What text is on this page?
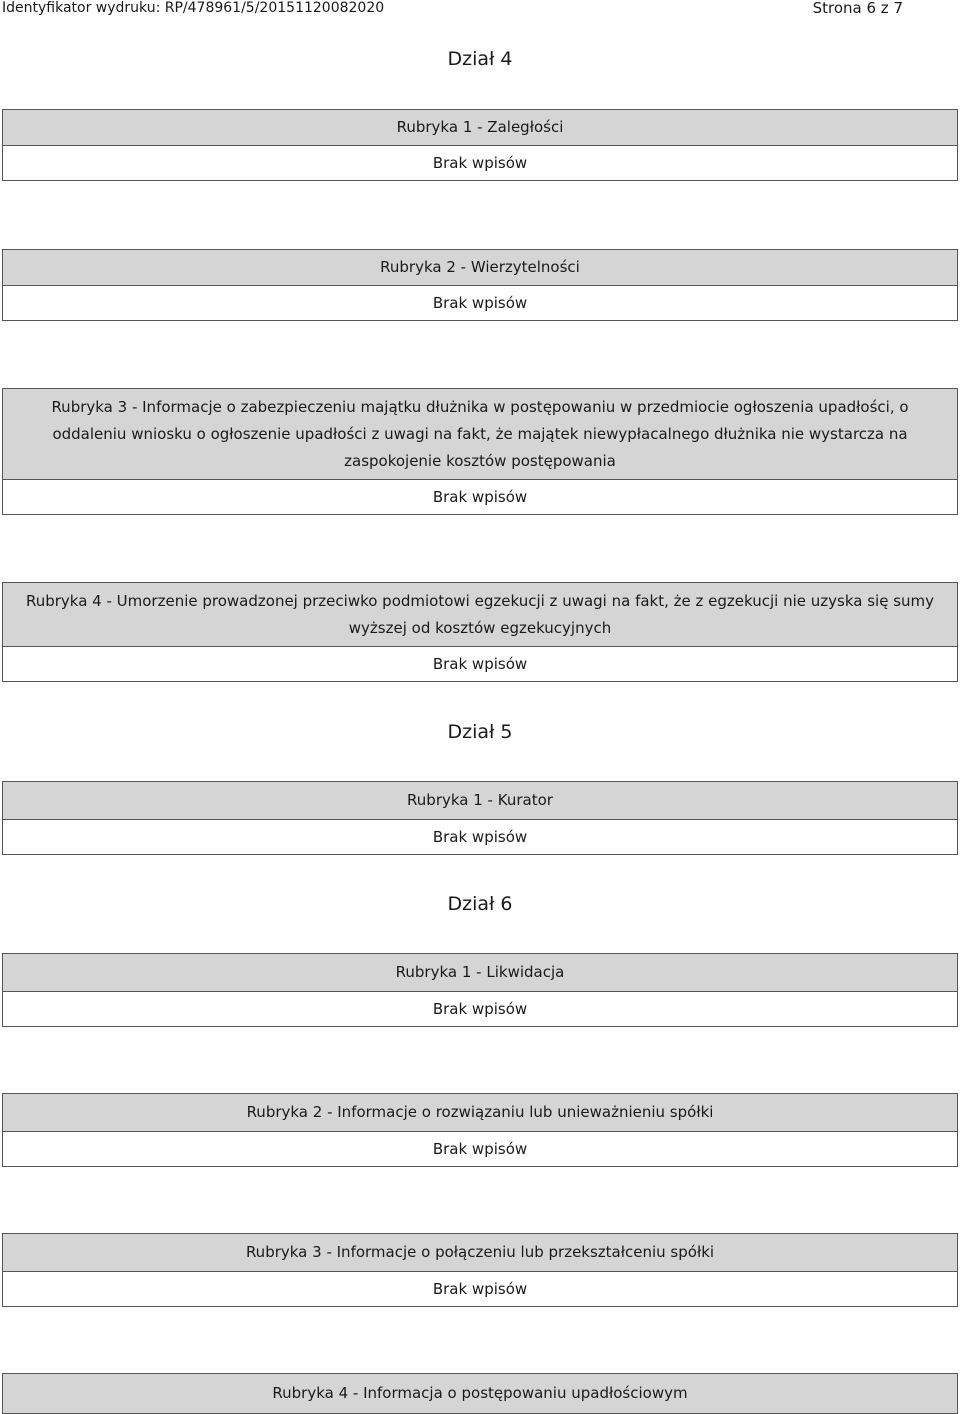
Identyfikator wydruku: RP/478961/5/20151120082020	Strona 6 z 7
Dział 4
Rubryka 1 - Zaległości
Brak wpisów
Rubryka 2 - Wierzytelności
Brak wpisów
Rubryka 3 - Informacje o zabezpieczeniu majątku dłużnika w postępowaniu w przedmiocie ogłoszenia upadłości, o oddaleniu wniosku o ogłoszenie upadłości z uwagi na fakt, że majątek niewypłacalnego dłużnika nie wystarcza na zaspokojenie kosztów postępowania
Brak wpisów
Rubryka 4 - Umorzenie prowadzonej przeciwko podmiotowi egzekucji z uwagi na fakt, że z egzekucji nie uzyska się sumy wyższej od kosztów egzekucyjnych
Brak wpisów
Dział 5
Rubryka 1 - Kurator
Brak wpisów
Dział 6
Rubryka 1 - Likwidacja
Brak wpisów
Rubryka 2 - Informacje o rozwiązaniu lub unieważnieniu spółki
Brak wpisów
Rubryka 3 - Informacje o połączeniu lub przekształceniu spółki
Brak wpisów
Rubryka 4 - Informacja o postępowaniu upadłościowym
